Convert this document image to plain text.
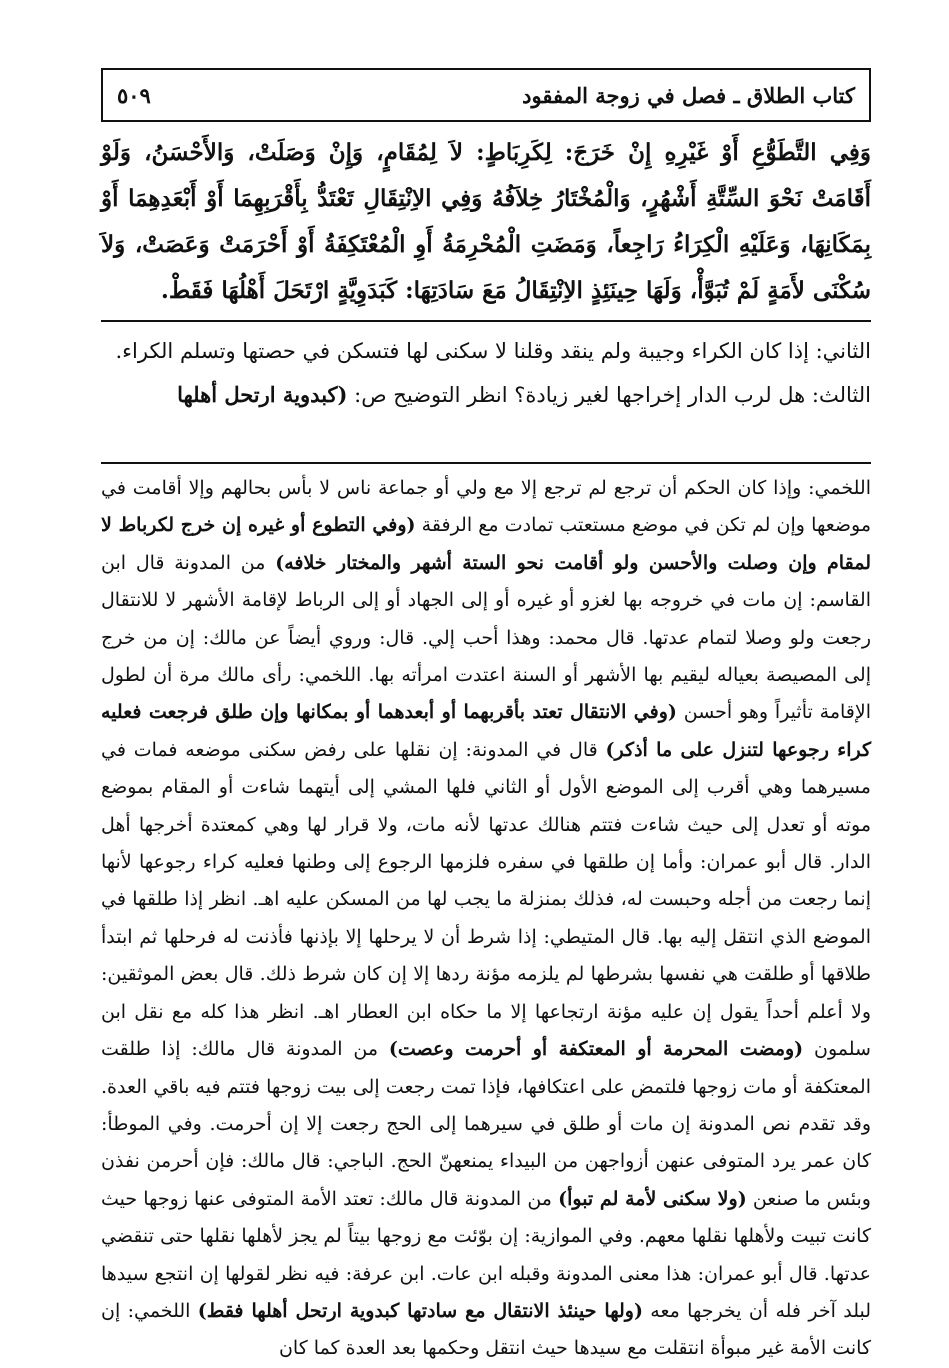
كتاب الطلاق ـ فصل في زوجة المفقود
٥٠٩
وَفِي التَّطَوُّعِ أَوْ غَيْرِهِ إِنْ خَرَجَ: لِكَرِبَاطٍ: لاَ لِمُقَامٍ، وَإِنْ وَصَلَتْ، وَالأَحْسَنُ، وَلَوْ أَقَامَتْ نَحْوَ السِّتَّةِ أَشْهُرٍ، وَالْمُخْتَارُ خِلاَفُهُ وَفِي الاِنْتِقَالِ تَعْتَدُّ بِأَقْرَبِهِمَا أَوْ أَبْعَدِهِمَا أَوْ بِمَكَانِهَا، وَعَلَيْهِ الْكِرَاءُ رَاجِعاً، وَمَضَتِ الْمُحْرِمَةُ أَوِ الْمُعْتَكِفَةُ أَوْ أَحْرَمَتْ وَعَصَتْ، وَلاَ سُكْنَى لأَمَةٍ لَمْ تُبَوَّأْ، وَلَهَا حِينَئِذٍ الاِنْتِقَالُ مَعَ سَادَتِهَا: كَبَدَوِيَّةٍ ارْتَحَلَ أَهْلُهَا فَقَطْ.

الثاني: إذا كان الكراء وجيبة ولم ينقد وقلنا لا سكنى لها فتسكن في حصتها وتسلم الكراء.

الثالث: هل لرب الدار إخراجها لغير زيادة؟ انظر التوضيح ص: (كبدوية ارتحل أهلها

اللخمي: وإذا كان الحكم أن ترجع لم ترجع إلا مع ولي أو جماعة ناس لا بأس بحالهم وإلا أقامت في موضعها وإن لم تكن في موضع مستعتب تمادت مع الرفقة (وفي التطوع أو غيره إن خرج لكرباط لا لمقام وإن وصلت والأحسن ولو أقامت نحو الستة أشهر والمختار خلافه) من المدونة قال ابن القاسم: إن مات في خروجه بها لغزو أو غيره أو إلى الجهاد أو إلى الرباط لإقامة الأشهر لا للانتقال رجعت ولو وصلا لتمام عدتها. قال محمد: وهذا أحب إلي. قال: وروي أيضاً عن مالك: إن من خرج إلى المصيصة بعياله ليقيم بها الأشهر أو السنة اعتدت امرأته بها. اللخمي: رأى مالك مرة أن لطول الإقامة تأثيراً وهو أحسن (وفي الانتقال تعتد بأقربهما أو أبعدهما أو بمكانها وإن طلق فرجعت فعليه كراء رجوعها لتنزل على ما أذكر) قال في المدونة: إن نقلها على رفض سكنى موضعه فمات في مسيرهما وهي أقرب إلى الموضع الأول أو الثاني فلها المشي إلى أيتهما شاءت أو المقام بموضع موته أو تعدل إلى حيث شاءت فتتم هنالك عدتها لأنه مات، ولا قرار لها وهي كمعتدة أخرجها أهل الدار. قال أبو عمران: وأما إن طلقها في سفره فلزمها الرجوع إلى وطنها فعليه كراء رجوعها لأنها إنما رجعت من أجله وحبست له، فذلك بمنزلة ما يجب لها من المسكن عليه اهـ. انظر إذا طلقها في الموضع الذي انتقل إليه بها. قال المتيطي: إذا شرط أن لا يرحلها إلا بإذنها فأذنت له فرحلها ثم ابتدأ طلاقها أو طلقت هي نفسها بشرطها لم يلزمه مؤنة ردها إلا إن كان شرط ذلك. قال بعض الموثقين: ولا أعلم أحداً يقول إن عليه مؤنة ارتجاعها إلا ما حكاه ابن العطار اهـ. انظر هذا كله مع نقل ابن سلمون (ومضت المحرمة أو المعتكفة أو أحرمت وعصت) من المدونة قال مالك: إذا طلقت المعتكفة أو مات زوجها فلتمض على اعتكافها، فإذا تمت رجعت إلى بيت زوجها فتتم فيه باقي العدة. وقد تقدم نص المدونة إن مات أو طلق في سيرهما إلى الحج رجعت إلا إن أحرمت. وفي الموطأ: كان عمر يرد المتوفى عنهن أزواجهن من البيداء يمنعهنّ الحج. الباجي: قال مالك: فإن أحرمن نفذن وبئس ما صنعن (ولا سكنى لأمة لم تبوأ) من المدونة قال مالك: تعتد الأمة المتوفى عنها زوجها حيث كانت تبيت ولأهلها نقلها معهم. وفي الموازية: إن بوّئت مع زوجها بيتاً لم يجز لأهلها نقلها حتى تنقضي عدتها. قال أبو عمران: هذا معنى المدونة وقبله ابن عات. ابن عرفة: فيه نظر لقولها إن انتجع سيدها لبلد آخر فله أن يخرجها معه (ولها حينئذ الانتقال مع سادتها كبدوية ارتحل أهلها فقط) اللخمي: إن كانت الأمة غير مبوأة انتقلت مع سيدها حيث انتقل وحكمها بعد العدة كما كان
